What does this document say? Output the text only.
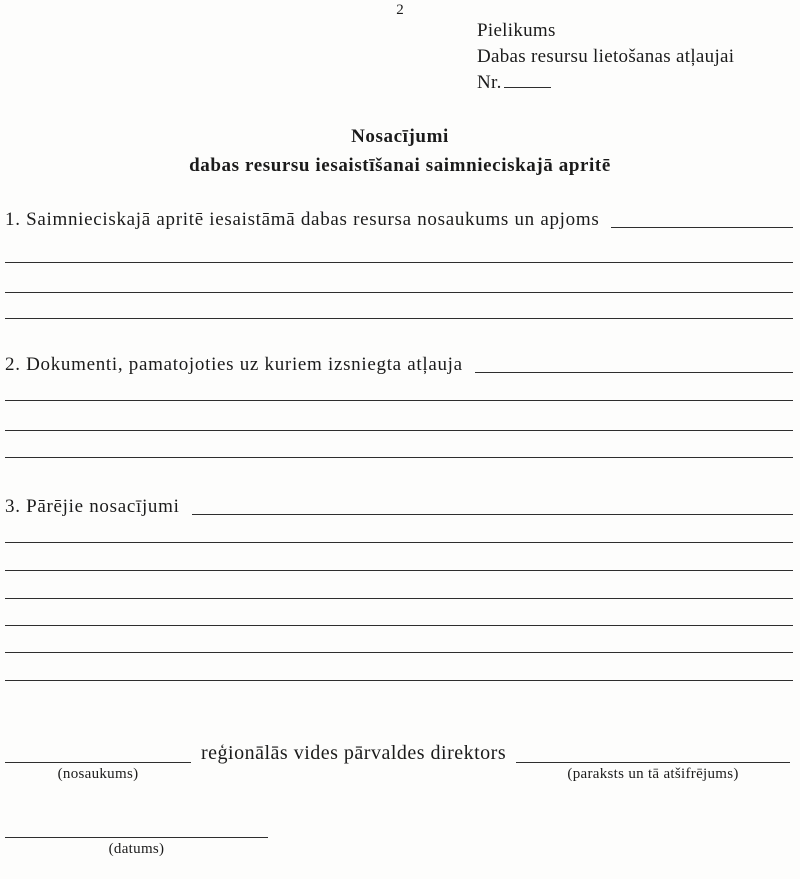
2
Pielikums
Dabas resursu lietošanas atļaujai
Nr.
Nosacījumi
dabas resursu iesaistīšanai saimnieciskajā apritē
1. Saimnieciskajā apritē iesaistāmā dabas resursa nosaukums un apjoms
2. Dokumenti, pamatojoties uz kuriem izsniegta atļauja
3. Pārējie nosacījumi
(nosaukums)
reģionālās vides pārvaldes direktors
(paraksts un tā atšifrējums)
(datums)
